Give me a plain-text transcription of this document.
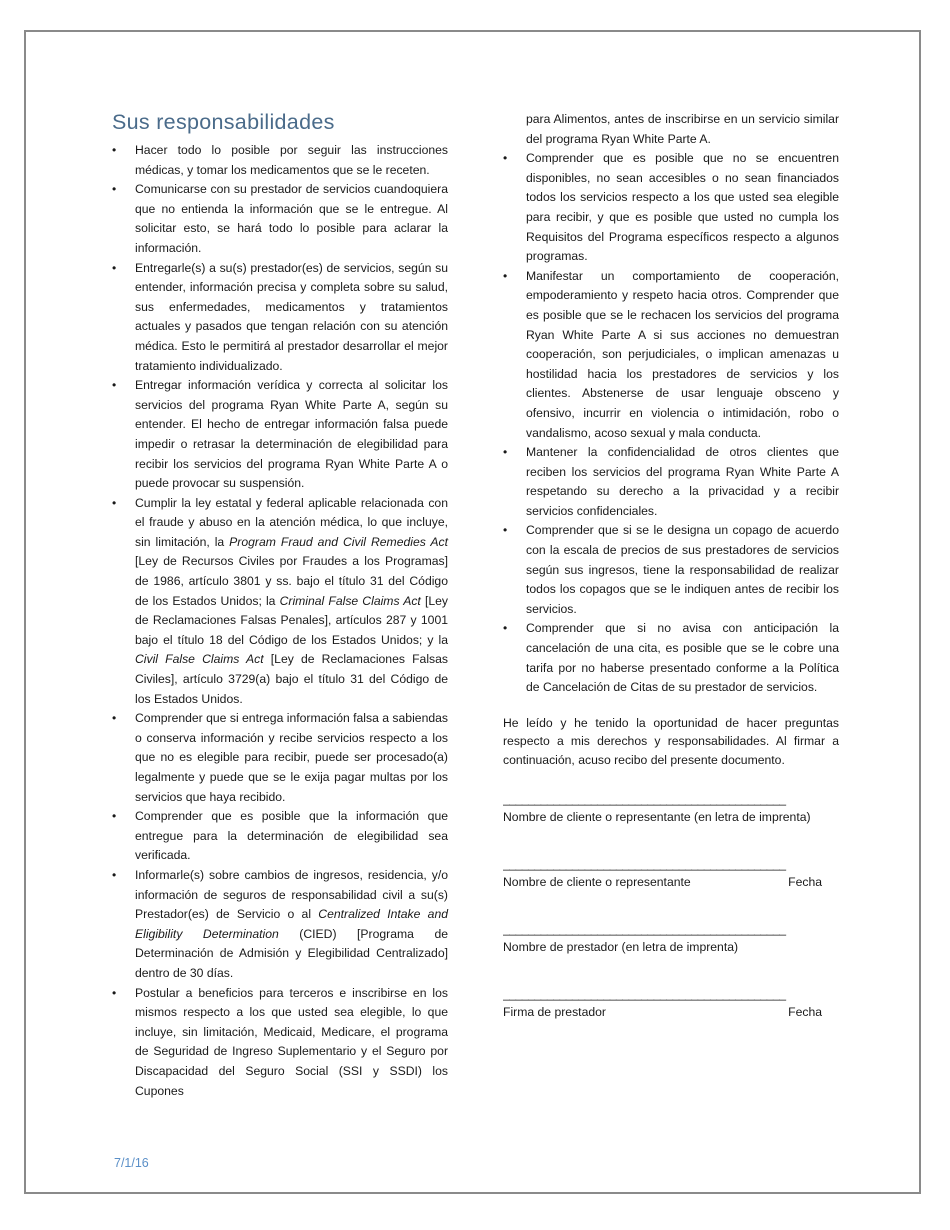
Sus responsabilidades
• Hacer todo lo posible por seguir las instrucciones médicas, y tomar los medicamentos que se le receten.
• Comunicarse con su prestador de servicios cuandoquiera que no entienda la información que se le entregue. Al solicitar esto, se hará todo lo posible para aclarar la información.
• Entregarle(s) a su(s) prestador(es) de servicios, según su entender, información precisa y completa sobre su salud, sus enfermedades, medicamentos y tratamientos actuales y pasados que tengan relación con su atención médica. Esto le permitirá al prestador desarrollar el mejor tratamiento individualizado.
• Entregar información verídica y correcta al solicitar los servicios del programa Ryan White Parte A, según su entender. El hecho de entregar información falsa puede impedir o retrasar la determinación de elegibilidad para recibir los servicios del programa Ryan White Parte A o puede provocar su suspensión.
• Cumplir la ley estatal y federal aplicable relacionada con el fraude y abuso en la atención médica, lo que incluye, sin limitación, la Program Fraud and Civil Remedies Act [Ley de Recursos Civiles por Fraudes a los Programas] de 1986, artículo 3801 y ss. bajo el título 31 del Código de los Estados Unidos; la Criminal False Claims Act [Ley de Reclamaciones Falsas Penales], artículos 287 y 1001 bajo el título 18 del Código de los Estados Unidos; y la Civil False Claims Act [Ley de Reclamaciones Falsas Civiles], artículo 3729(a) bajo el título 31 del Código de los Estados Unidos.
• Comprender que si entrega información falsa a sabiendas o conserva información y recibe servicios respecto a los que no es elegible para recibir, puede ser procesado(a) legalmente y puede que se le exija pagar multas por los servicios que haya recibido.
• Comprender que es posible que la información que entregue para la determinación de elegibilidad sea verificada.
• Informarle(s) sobre cambios de ingresos, residencia, y/o información de seguros de responsabilidad civil a su(s) Prestador(es) de Servicio o al Centralized Intake and Eligibility Determination (CIED) [Programa de Determinación de Admisión y Elegibilidad Centralizado] dentro de 30 días.
• Postular a beneficios para terceros e inscribirse en los mismos respecto a los que usted sea elegible, lo que incluye, sin limitación, Medicaid, Medicare, el programa de Seguridad de Ingreso Suplementario y el Seguro por Discapacidad del Seguro Social (SSI y SSDI) los Cupones
para Alimentos, antes de inscribirse en un servicio similar del programa Ryan White Parte A.
• Comprender que es posible que no se encuentren disponibles, no sean accesibles o no sean financiados todos los servicios respecto a los que usted sea elegible para recibir, y que es posible que usted no cumpla los Requisitos del Programa específicos respecto a algunos programas.
• Manifestar un comportamiento de cooperación, empoderamiento y respeto hacia otros. Comprender que es posible que se le rechacen los servicios del programa Ryan White Parte A si sus acciones no demuestran cooperación, son perjudiciales, o implican amenazas u hostilidad hacia los prestadores de servicios y los clientes. Abstenerse de usar lenguaje obsceno y ofensivo, incurrir en violencia o intimidación, robo o vandalismo, acoso sexual y mala conducta.
• Mantener la confidencialidad de otros clientes que reciben los servicios del programa Ryan White Parte A respetando su derecho a la privacidad y a recibir servicios confidenciales.
• Comprender que si se le designa un copago de acuerdo con la escala de precios de sus prestadores de servicios según sus ingresos, tiene la responsabilidad de realizar todos los copagos que se le indiquen antes de recibir los servicios.
• Comprender que si no avisa con anticipación la cancelación de una cita, es posible que se le cobre una tarifa por no haberse presentado conforme a la Política de Cancelación de Citas de su prestador de servicios.
He leído y he tenido la oportunidad de hacer preguntas respecto a mis derechos y responsabilidades. Al firmar a continuación, acuso recibo del presente documento.
_____________________________________________
Nombre de cliente o representante (en letra de imprenta)
_____________________________________________
Nombre de cliente o representante	Fecha
_____________________________________________
Nombre de prestador (en letra de imprenta)
_____________________________________________
Firma de prestador	Fecha
7/1/16
